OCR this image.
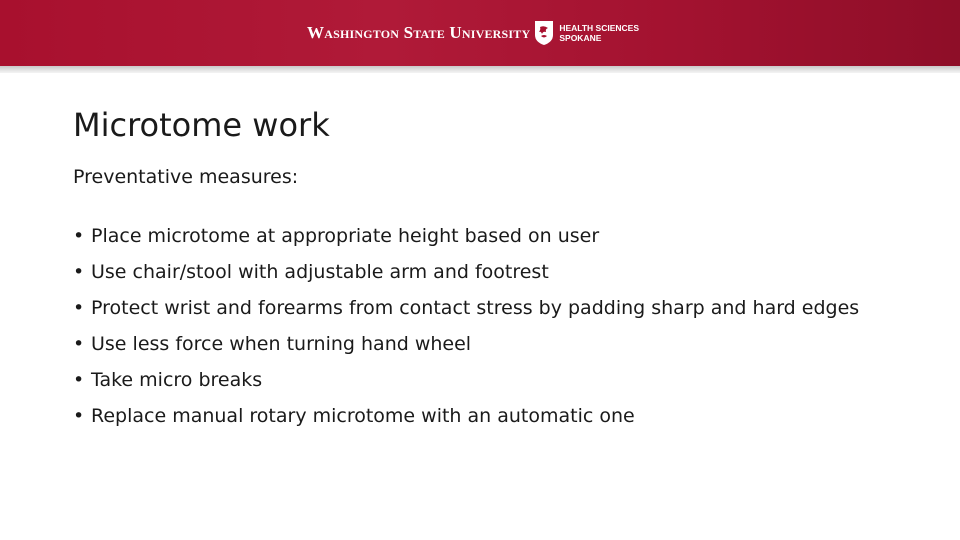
Washington State University	HEALTH SCIENCES
SPOKANE
Microtome work
Preventative measures:
• Place microtome at appropriate height based on user
• Use chair/stool with adjustable arm and footrest
• Protect wrist and forearms from contact stress by padding sharp and hard edges
• Use less force when turning hand wheel
• Take micro breaks
• Replace manual rotary microtome with an automatic one
